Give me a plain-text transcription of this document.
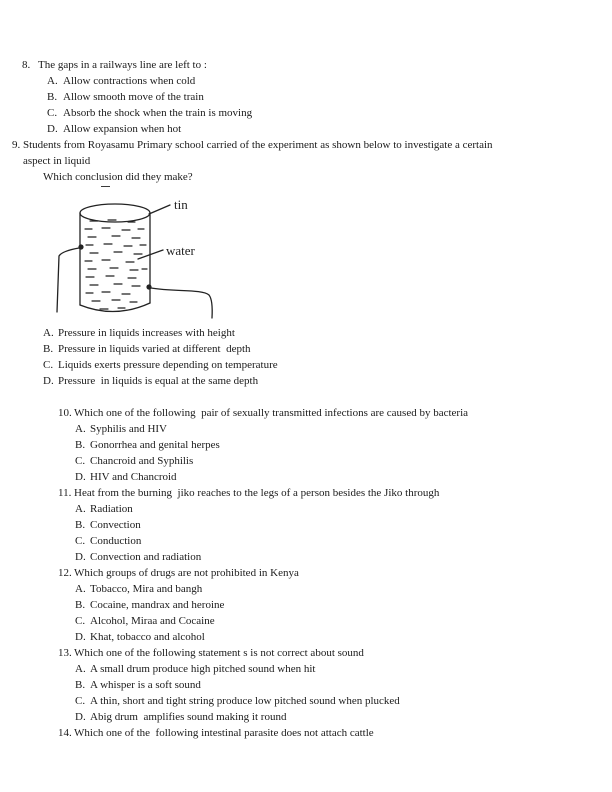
8. The gaps in a railways line are left to :
A. Allow contractions when cold
B. Allow smooth move of the train
C. Absorb the shock when the train is moving
D. Allow expansion when hot
9. Students from Royasamu Primary school carried of the experiment as shown below to investigate a certain
aspect in liquid
Which conclusion did they make?
tin
water
A. Pressure in liquids increases with height
B. Pressure in liquids varied at different  depth
C. Liquids exerts pressure depending on temperature
D. Pressure  in liquids is equal at the same depth
10. Which one of the following  pair of sexually transmitted infections are caused by bacteria
A. Syphilis and HIV
B. Gonorrhea and genital herpes
C. Chancroid and Syphilis
D. HIV and Chancroid
11. Heat from the burning  jiko reaches to the legs of a person besides the Jiko through
A. Radiation
B. Convection
C. Conduction
D. Convection and radiation
12. Which groups of drugs are not prohibited in Kenya
A. Tobacco, Mira and bangh
B. Cocaine, mandrax and heroine
C. Alcohol, Miraa and Cocaine
D. Khat, tobacco and alcohol
13. Which one of the following statement s is not correct about sound
A. A small drum produce high pitched sound when hit
B. A whisper is a soft sound
C. A thin, short and tight string produce low pitched sound when plucked
D. Abig drum  amplifies sound making it round
14. Which one of the  following intestinal parasite does not attach cattle
